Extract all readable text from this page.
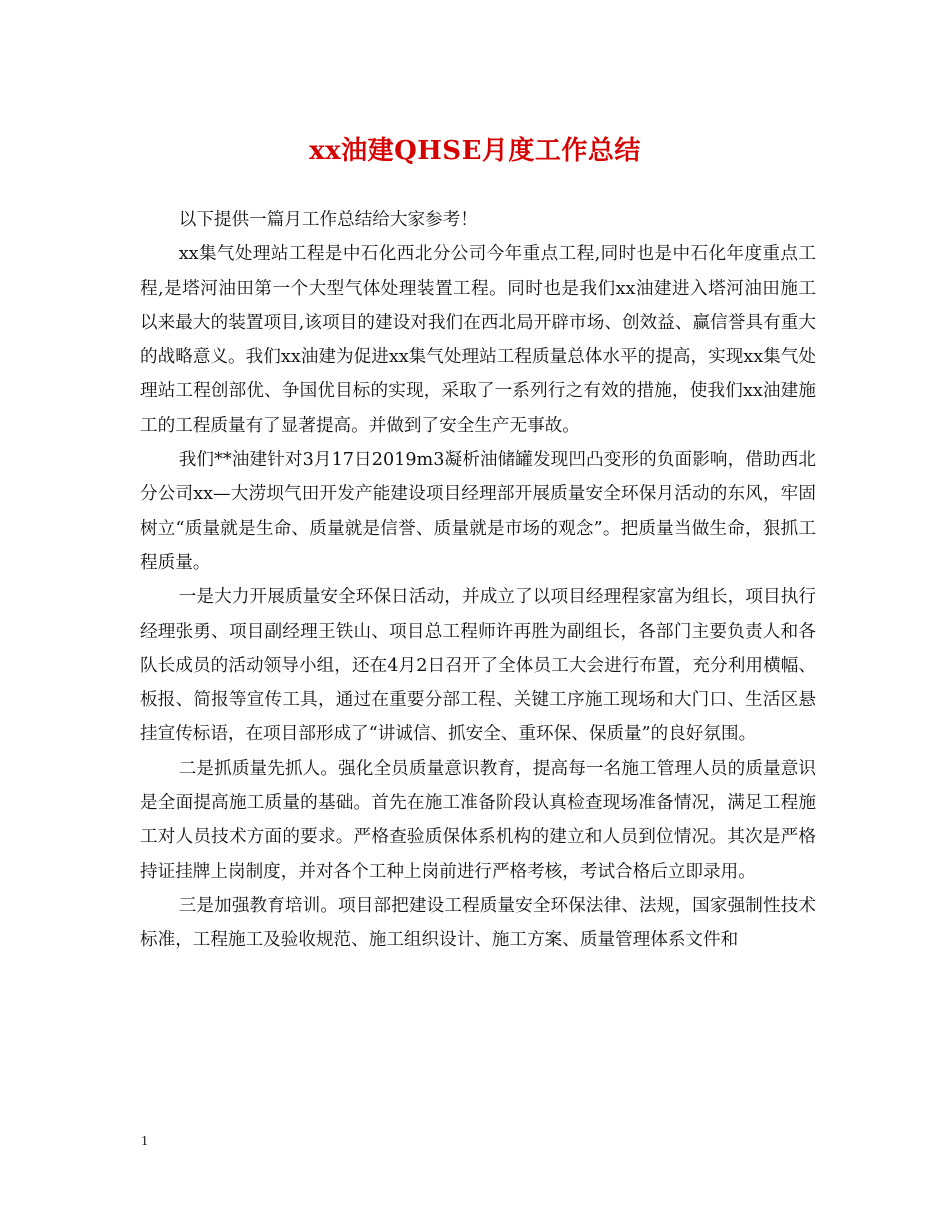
xx油建QHSE月度工作总结

以下提供一篇月工作总结给大家参考！

xx集气处理站工程是中石化西北分公司今年重点工程,同时也是中石化年度重点工程,是塔河油田第一个大型气体处理装置工程。同时也是我们xx油建进入塔河油田施工以来最大的装置项目,该项目的建设对我们在西北局开辟市场、创效益、赢信誉具有重大的战略意义。我们xx油建为促进xx集气处理站工程质量总体水平的提高，实现xx集气处理站工程创部优、争国优目标的实现，采取了一系列行之有效的措施，使我们xx油建施工的工程质量有了显著提高。并做到了安全生产无事故。

我们**油建针对3月17日2019m3凝析油储罐发现凹凸变形的负面影响，借助西北分公司xx—大涝坝气田开发产能建设项目经理部开展质量安全环保月活动的东风，牢固树立“质量就是生命、质量就是信誉、质量就是市场的观念”。把质量当做生命，狠抓工程质量。

一是大力开展质量安全环保日活动，并成立了以项目经理程家富为组长，项目执行经理张勇、项目副经理王铁山、项目总工程师许再胜为副组长，各部门主要负责人和各队长成员的活动领导小组，还在4月2日召开了全体员工大会进行布置，充分利用横幅、板报、简报等宣传工具，通过在重要分部工程、关键工序施工现场和大门口、生活区悬挂宣传标语，在项目部形成了“讲诚信、抓安全、重环保、保质量”的良好氛围。

二是抓质量先抓人。强化全员质量意识教育，提高每一名施工管理人员的质量意识是全面提高施工质量的基础。首先在施工准备阶段认真检查现场准备情况，满足工程施工对人员技术方面的要求。严格查验质保体系机构的建立和人员到位情况。其次是严格持证挂牌上岗制度，并对各个工种上岗前进行严格考核，考试合格后立即录用。

三是加强教育培训。项目部把建设工程质量安全环保法律、法规，国家强制性技术标准，工程施工及验收规范、施工组织设计、施工方案、质量管理体系文件和

1
